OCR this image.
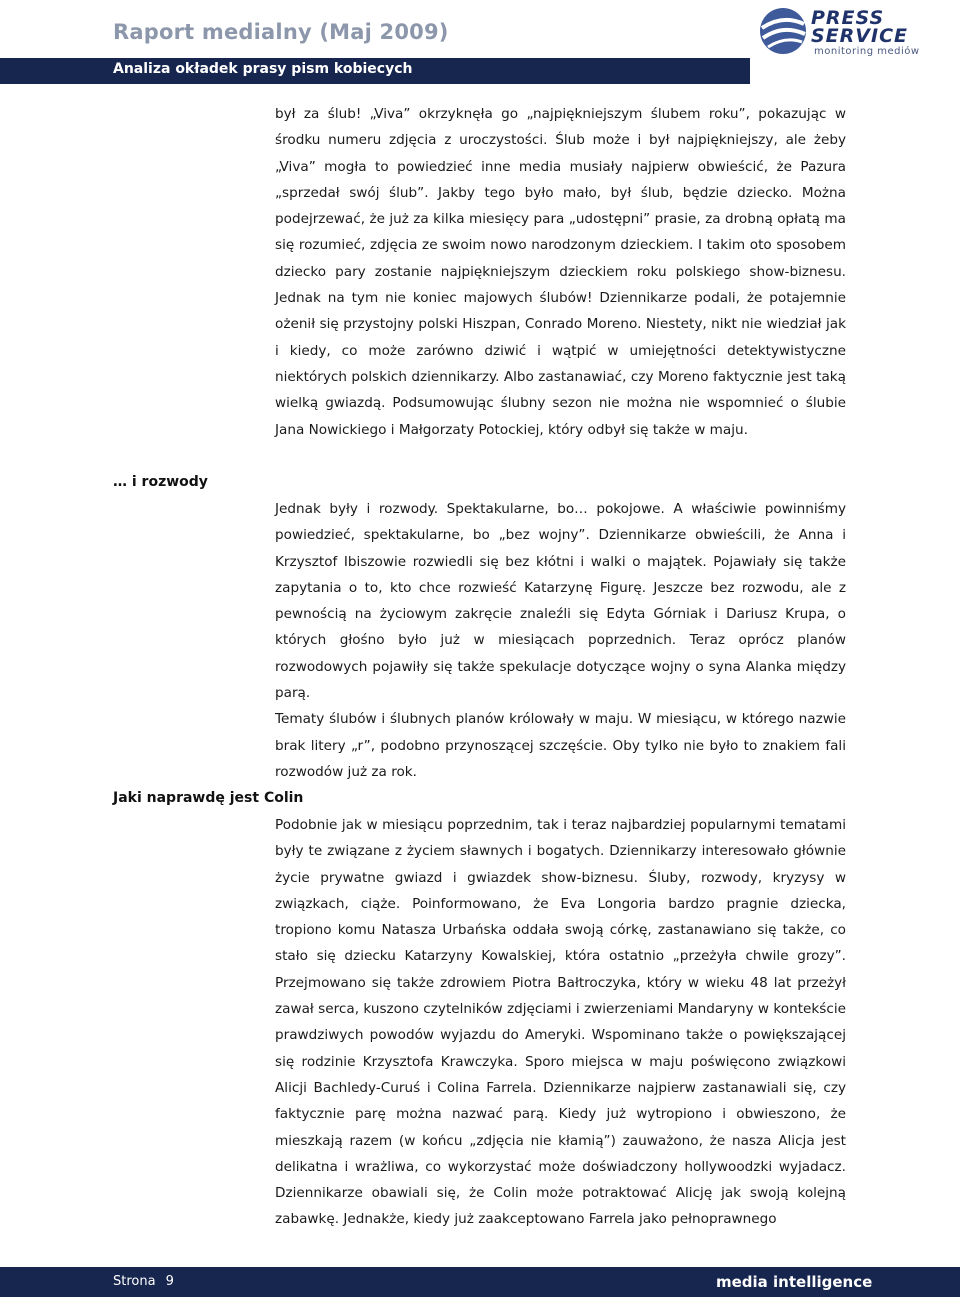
Raport medialny (Maj 2009)
Analiza okładek prasy pism kobiecych
PRESS
SERVICE
monitoring mediów

był za ślub! „Viva” okrzyknęła go „najpiękniejszym ślubem roku”, pokazując w środku numeru zdjęcia z uroczystości. Ślub może i był najpiękniejszy, ale żeby „Viva” mogła to powiedzieć inne media musiały najpierw obwieścić, że Pazura „sprzedał swój ślub”. Jakby tego było mało, był ślub, będzie dziecko. Można podejrzewać, że już za kilka miesięcy para „udostępni” prasie, za drobną opłatą ma się rozumieć, zdjęcia ze swoim nowo narodzonym dzieckiem. I takim oto sposobem dziecko pary zostanie najpiękniejszym dzieckiem roku polskiego show-biznesu. Jednak na tym nie koniec majowych ślubów! Dziennikarze podali, że potajemnie ożenił się przystojny polski Hiszpan, Conrado Moreno. Niestety, nikt nie wiedział jak i kiedy, co może zarówno dziwić i wątpić w umiejętności detektywistyczne niektórych polskich dziennikarzy. Albo zastanawiać, czy Moreno faktycznie jest taką wielką gwiazdą. Podsumowując ślubny sezon nie można nie wspomnieć o ślubie Jana Nowickiego i Małgorzaty Potockiej, który odbył się także w maju.

… i rozwody

Jednak były i rozwody. Spektakularne, bo… pokojowe. A właściwie powinniśmy powiedzieć, spektakularne, bo „bez wojny”. Dziennikarze obwieścili, że Anna i Krzysztof Ibiszowie rozwiedli się bez kłótni i walki o majątek. Pojawiały się także zapytania o to, kto chce rozwieść Katarzynę Figurę. Jeszcze bez rozwodu, ale z pewnością na życiowym zakręcie znaleźli się Edyta Górniak i Dariusz Krupa, o których głośno było już w miesiącach poprzednich. Teraz oprócz planów rozwodowych pojawiły się także spekulacje dotyczące wojny o syna Alanka między parą.

Tematy ślubów i ślubnych planów królowały w maju. W miesiącu, w którego nazwie brak litery „r”, podobno przynoszącej szczęście. Oby tylko nie było to znakiem fali rozwodów już za rok.

Jaki naprawdę jest Colin

Podobnie jak w miesiącu poprzednim, tak i teraz najbardziej popularnymi tematami były te związane z życiem sławnych i bogatych. Dziennikarzy interesowało głównie życie prywatne gwiazd i gwiazdek show-biznesu. Śluby, rozwody, kryzysy w związkach, ciąże. Poinformowano, że Eva Longoria bardzo pragnie dziecka, tropiono komu Natasza Urbańska oddała swoją córkę, zastanawiano się także, co stało się dziecku Katarzyny Kowalskiej, która ostatnio „przeżyła chwile grozy”. Przejmowano się także zdrowiem Piotra Bałtroczyka, który w wieku 48 lat przeżył zawał serca, kuszono czytelników zdjęciami i zwierzeniami Mandaryny w kontekście prawdziwych powodów wyjazdu do Ameryki. Wspominano także o powiększającej się rodzinie Krzysztofa Krawczyka. Sporo miejsca w maju poświęcono związkowi Alicji Bachledy-Curuś i Colina Farrela. Dziennikarze najpierw zastanawiali się, czy faktycznie parę można nazwać parą. Kiedy już wytropiono i obwieszono, że mieszkają razem (w końcu „zdjęcia nie kłamią”) zauważono, że nasza Alicja jest delikatna i wrażliwa, co wykorzystać może doświadczony hollywoodzki wyjadacz. Dziennikarze obawiali się, że Colin może potraktować Alicję jak swoją kolejną zabawkę. Jednakże, kiedy już zaakceptowano Farrela jako pełnoprawnego

Strona 9	media intelligence
